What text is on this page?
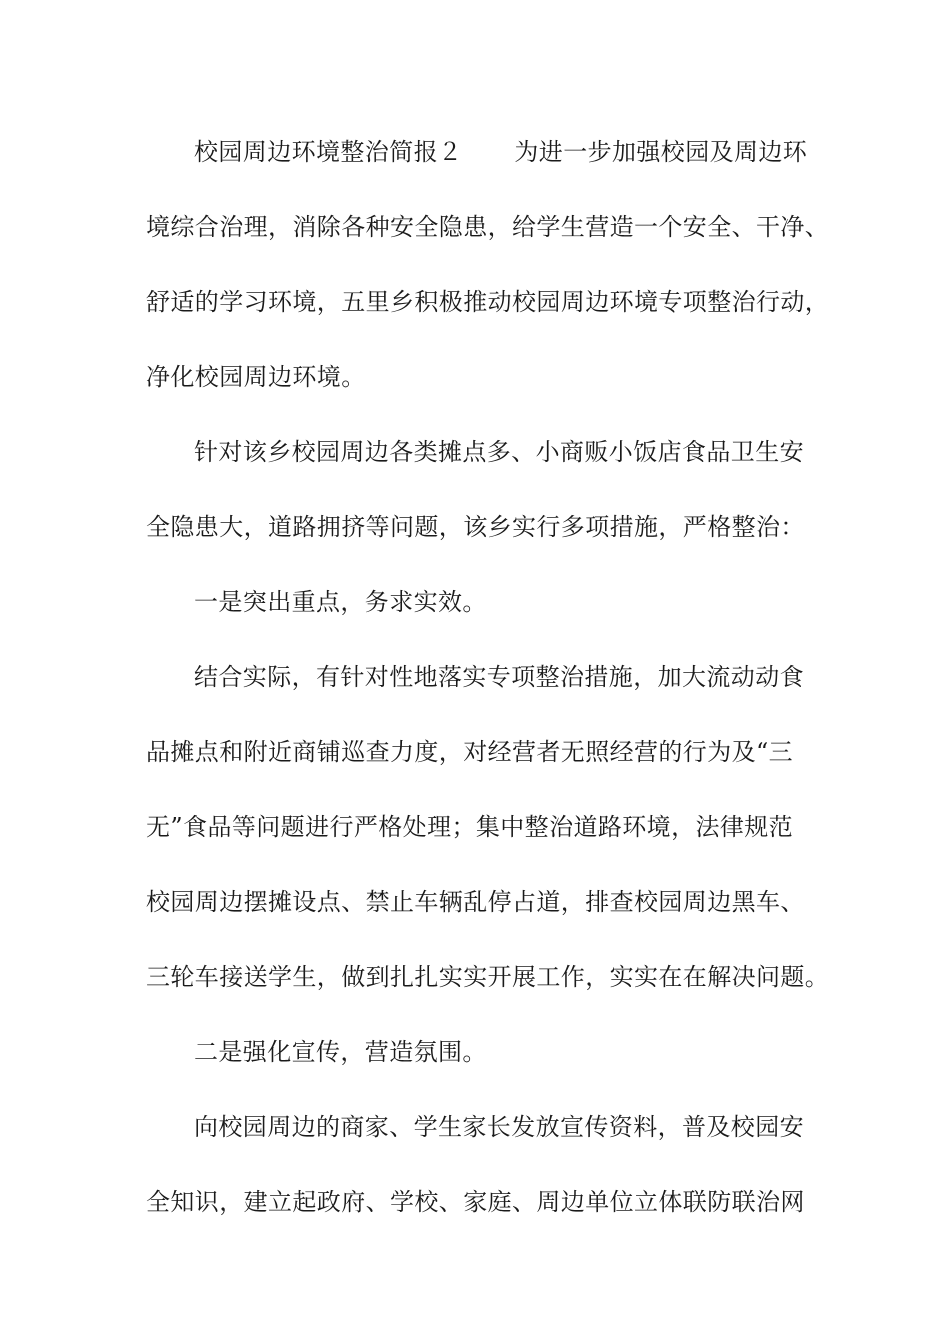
校园周边环境整治简报２ 为进一步加强校园及周边环

境综合治理，消除各种安全隐患，给学生营造一个安全、干净、

舒适的学习环境，五里乡积极推动校园周边环境专项整治行动，

净化校园周边环境。

针对该乡校园周边各类摊点多、小商贩小饭店食品卫生安

全隐患大，道路拥挤等问题，该乡实行多项措施，严格整治：

一是突出重点，务求实效。

结合实际，有针对性地落实专项整治措施，加大流动动食

品摊点和附近商铺巡查力度，对经营者无照经营的行为及“三

无”食品等问题进行严格处理；集中整治道路环境，法律规范

校园周边摆摊设点、禁止车辆乱停占道，排查校园周边黑车、

三轮车接送学生，做到扎扎实实开展工作，实实在在解决问题。

二是强化宣传，营造氛围。

向校园周边的商家、学生家长发放宣传资料，普及校园安

全知识，建立起政府、学校、家庭、周边单位立体联防联治网
